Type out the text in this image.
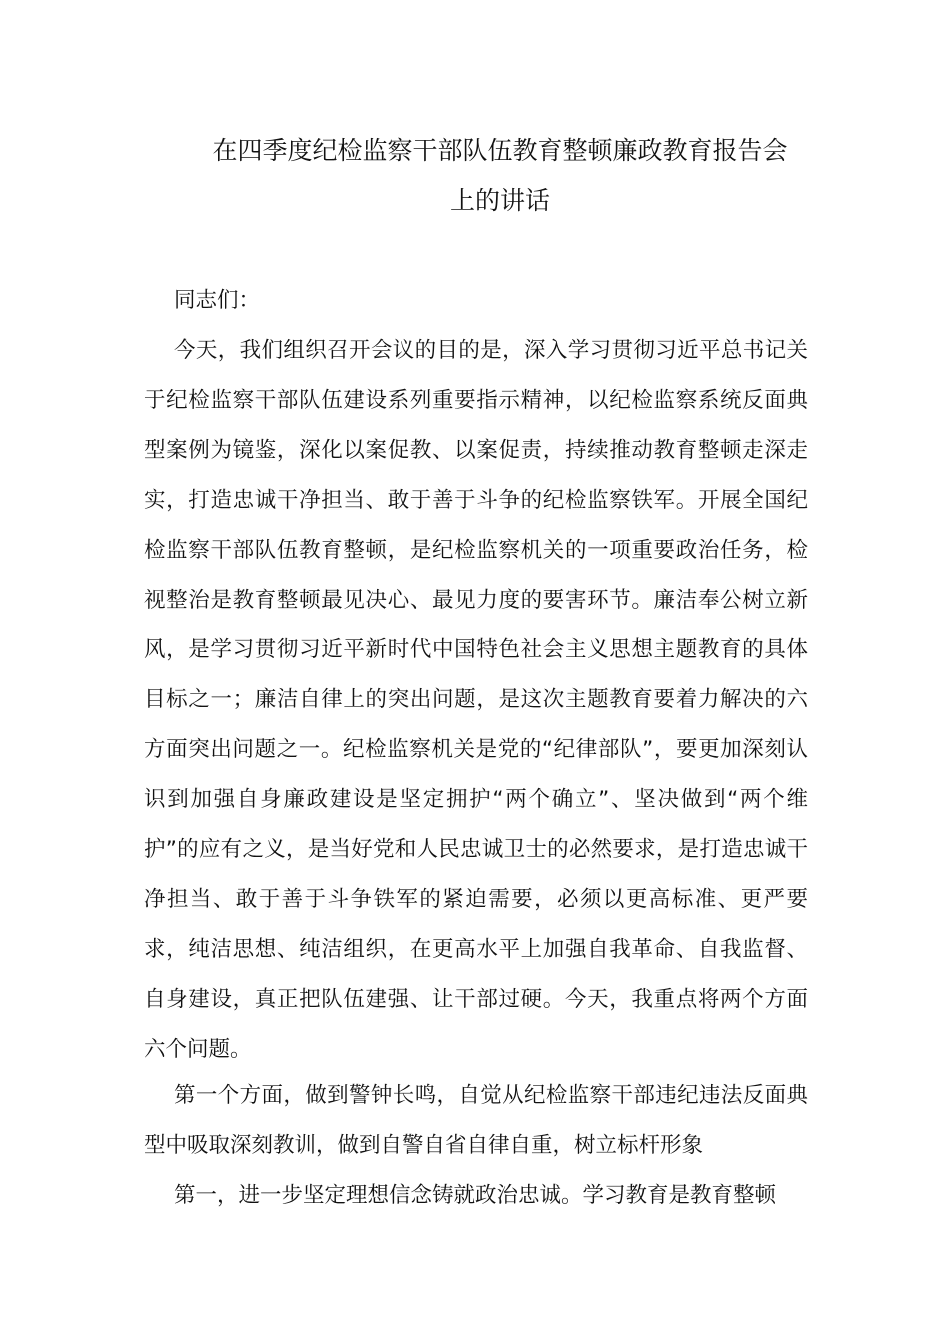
在四季度纪检监察干部队伍教育整顿廉政教育报告会
上的讲话

同志们：

今天，我们组织召开会议的目的是，深入学习贯彻习近平总书记关于纪检监察干部队伍建设系列重要指示精神，以纪检监察系统反面典型案例为镜鉴，深化以案促教、以案促责，持续推动教育整顿走深走实，打造忠诚干净担当、敢于善于斗争的纪检监察铁军。开展全国纪检监察干部队伍教育整顿，是纪检监察机关的一项重要政治任务，检视整治是教育整顿最见决心、最见力度的要害环节。廉洁奉公树立新风，是学习贯彻习近平新时代中国特色社会主义思想主题教育的具体目标之一；廉洁自律上的突出问题，是这次主题教育要着力解决的六方面突出问题之一。纪检监察机关是党的“纪律部队”，要更加深刻认识到加强自身廉政建设是坚定拥护“两个确立”、坚决做到“两个维护”的应有之义，是当好党和人民忠诚卫士的必然要求，是打造忠诚干净担当、敢于善于斗争铁军的紧迫需要，必须以更高标准、更严要求，纯洁思想、纯洁组织，在更高水平上加强自我革命、自我监督、自身建设，真正把队伍建强、让干部过硬。今天，我重点将两个方面六个问题。

第一个方面，做到警钟长鸣，自觉从纪检监察干部违纪违法反面典型中吸取深刻教训，做到自警自省自律自重，树立标杆形象

第一，进一步坚定理想信念铸就政治忠诚。学习教育是教育整顿
